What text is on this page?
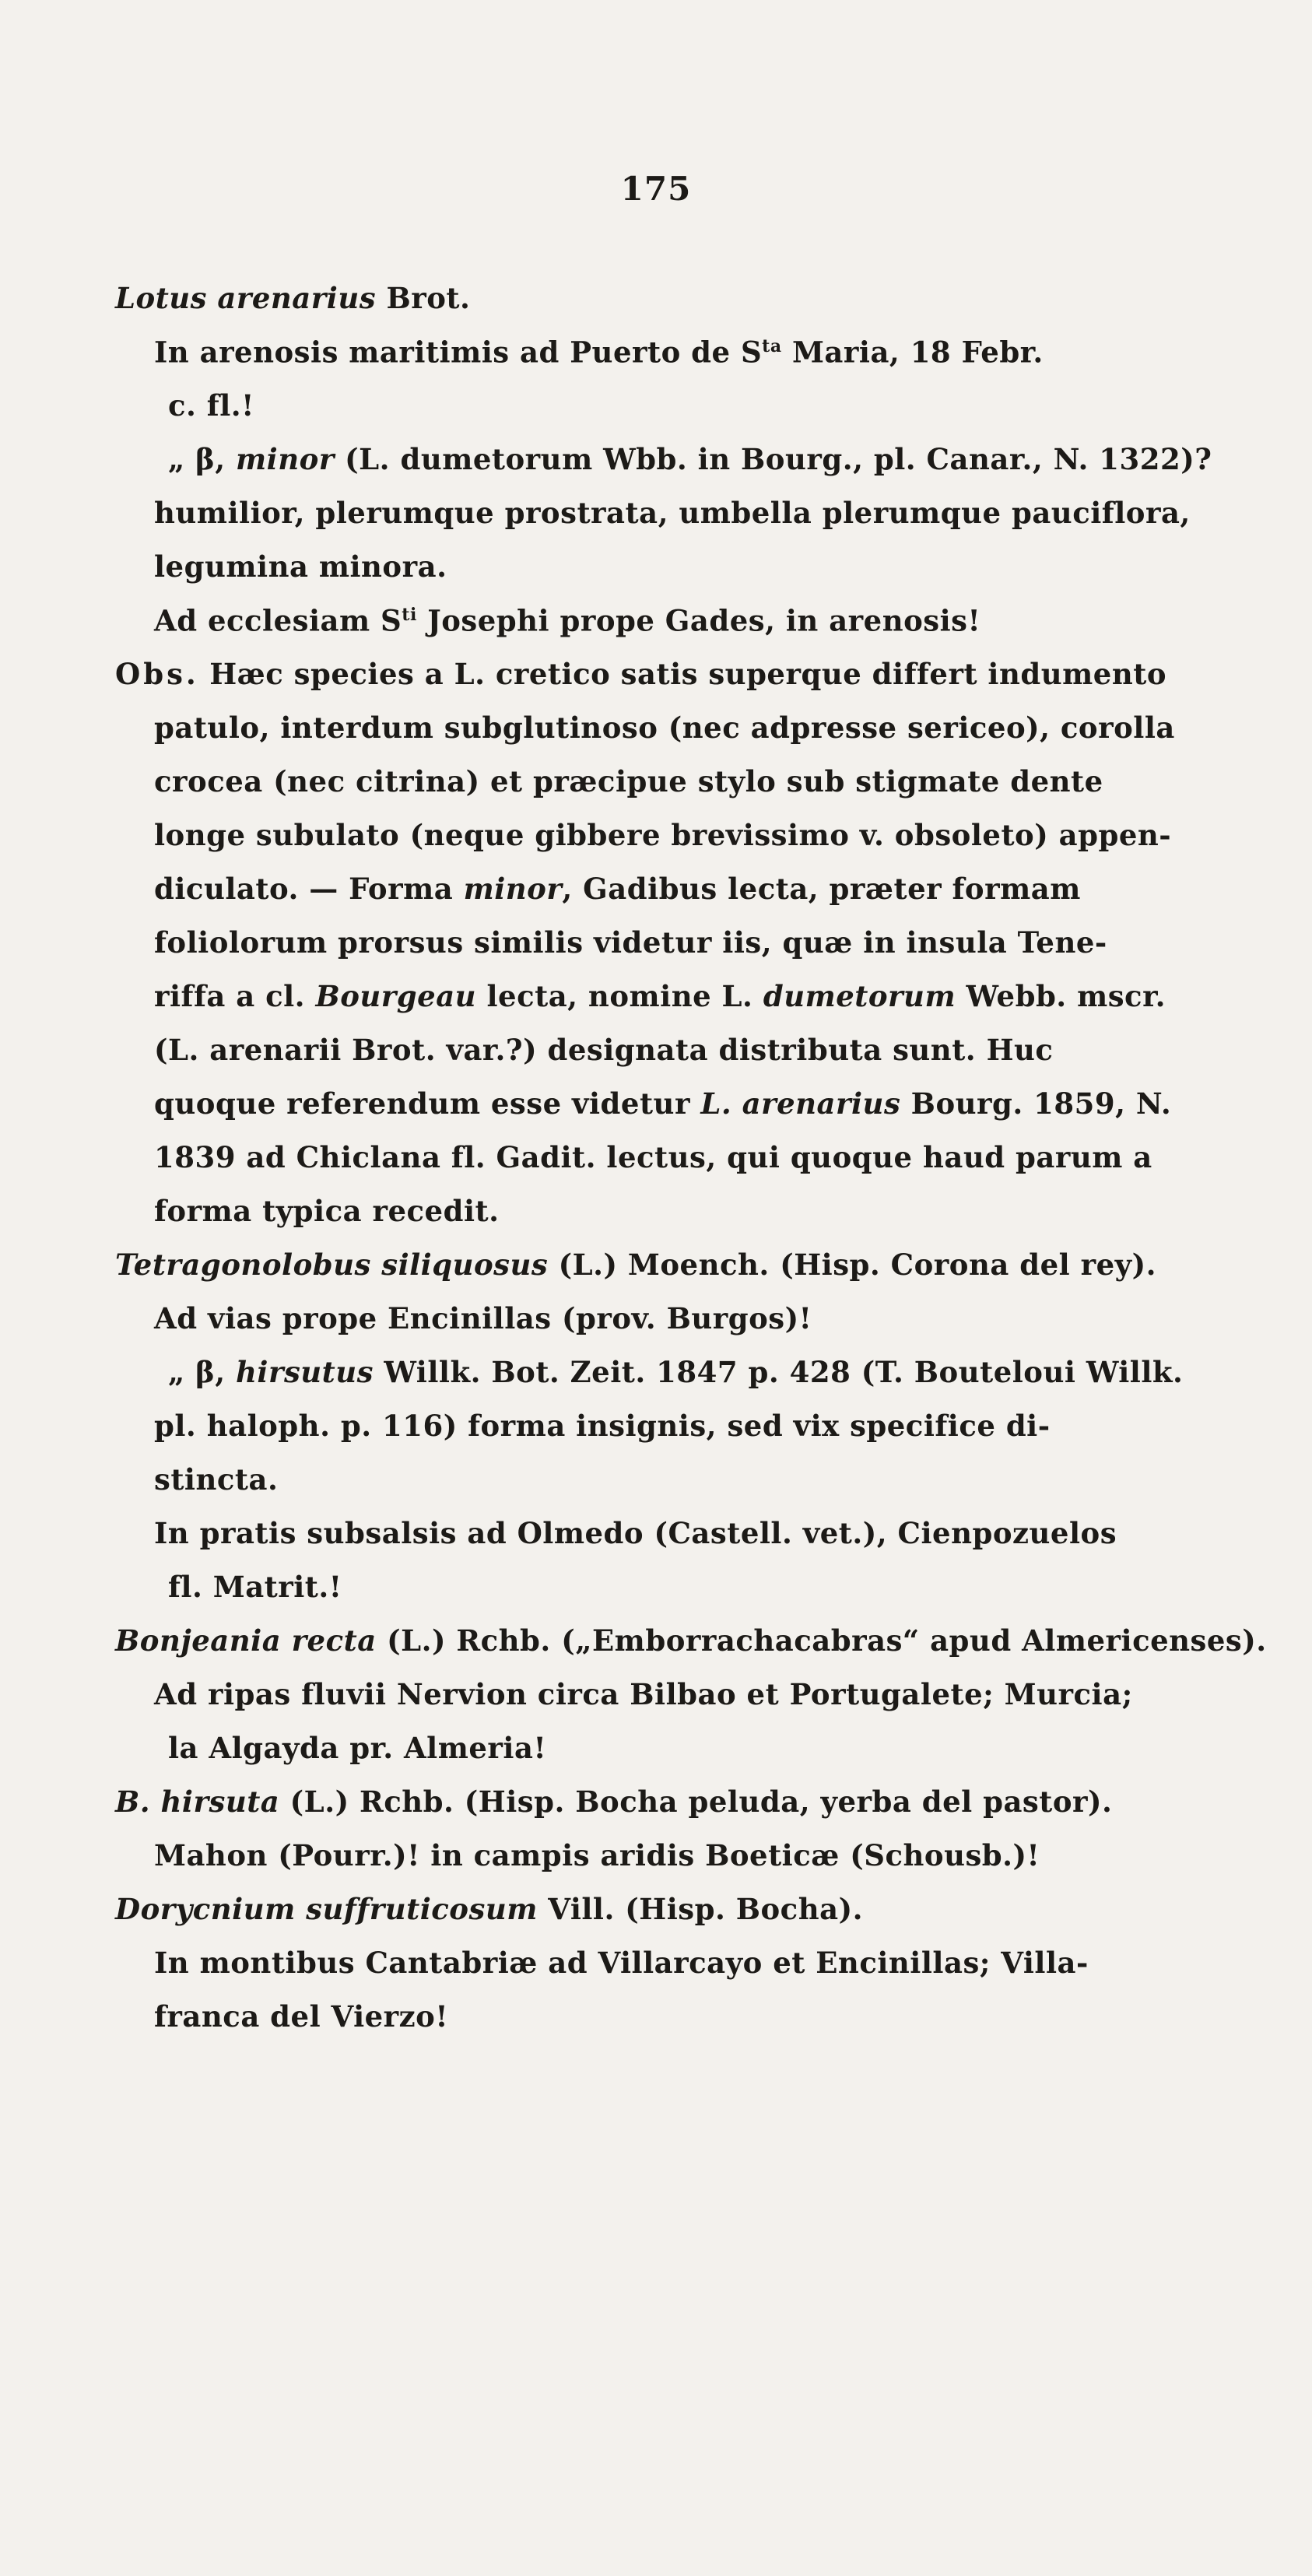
175
Lotus arenarius Brot.
In arenosis maritimis ad Puerto de $S^{ta}$ Maria, 18 Febr.
c. fl.!
„ β, minor (L. dumetorum Wbb. in Bourg., pl. Canar., N. 1322)?
humilior, plerumque prostrata, umbella plerumque pauciflora,
legumina minora.
Ad ecclesiam $S^{ti}$ Josephi prope Gades, in arenosis!
Obs. Hæc species a L. cretico satis superque differt indumento
patulo, interdum subglutinoso (nec adpresse sericeo), corolla
crocea (nec citrina) et præcipue stylo sub stigmate dente
longe subulato (neque gibbere brevissimo v. obsoleto) appen-
diculato. — Forma minor, Gadibus lecta, præter formam
foliolorum prorsus similis videtur iis, quæ in insula Tene-
riffa a cl. Bourgeau lecta, nomine L. dumetorum Webb. mscr.
(L. arenarii Brot. var.?) designata distributa sunt. Huc
quoque referendum esse videtur L. arenarius Bourg. 1859, N.
1839 ad Chiclana fl. Gadit. lectus, qui quoque haud parum a
forma typica recedit.
Tetragonolobus siliquosus (L.) Moench. (Hisp. Corona del rey).
Ad vias prope Encinillas (prov. Burgos)!
„ β, hirsutus Willk. Bot. Zeit. 1847 p. 428 (T. Bouteloui Willk.
pl. haloph. p. 116) forma insignis, sed vix specifice di-
stincta.
In pratis subsalsis ad Olmedo (Castell. vet.), Cienpozuelos
fl. Matrit.!
Bonjeania recta (L.) Rchb. („Emborrachacabras“ apud Almericenses).
Ad ripas fluvii Nervion circa Bilbao et Portugalete; Murcia;
la Algayda pr. Almeria!
B. hirsuta (L.) Rchb. (Hisp. Bocha peluda, yerba del pastor).
Mahon (Pourr.)! in campis aridis Boeticæ (Schousb.)!
Dorycnium suffruticosum Vill. (Hisp. Bocha).
In montibus Cantabriæ ad Villarcayo et Encinillas; Villa-
franca del Vierzo!
